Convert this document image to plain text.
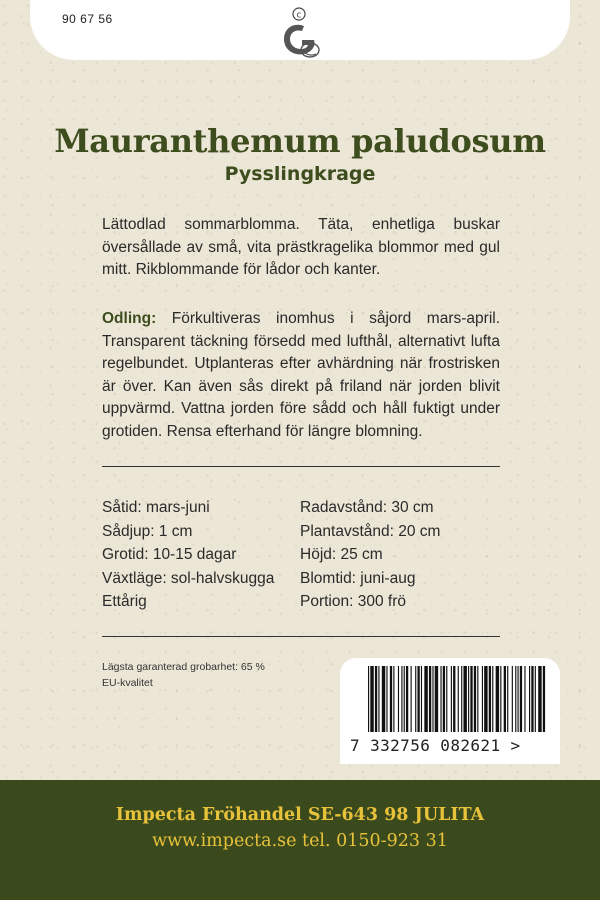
90 67 56	c
Mauranthemum paludosum
Pysslingkrage
Lättodlad sommarblomma. Täta, enhetliga buskar översållade av små, vita prästkragelika blommor med gul mitt. Rikblommande för lådor och kanter.
Odling: Förkultiveras inomhus i såjord mars-april. Transparent täckning försedd med lufthål, alternativt lufta regelbundet. Utplanteras efter avhärdning när frostrisken är över. Kan även sås direkt på friland när jorden blivit uppvärmd. Vattna jorden före sådd och håll fuktigt under grotiden. Rensa efterhand för längre blomning.
Såtid: mars-juni
Sådjup: 1 cm
Grotid: 10-15 dagar
Växtläge: sol-halvskugga
Ettårig
Radavstånd: 30 cm
Plantavstånd: 20 cm
Höjd: 25 cm
Blomtid: juni-aug
Portion: 300 frö
Lägsta garanterad grobarhet: 65 %
EU-kvalitet
7 332756 082621 >
Impecta Fröhandel SE-643 98 JULITA
www.impecta.se tel. 0150-923 31
